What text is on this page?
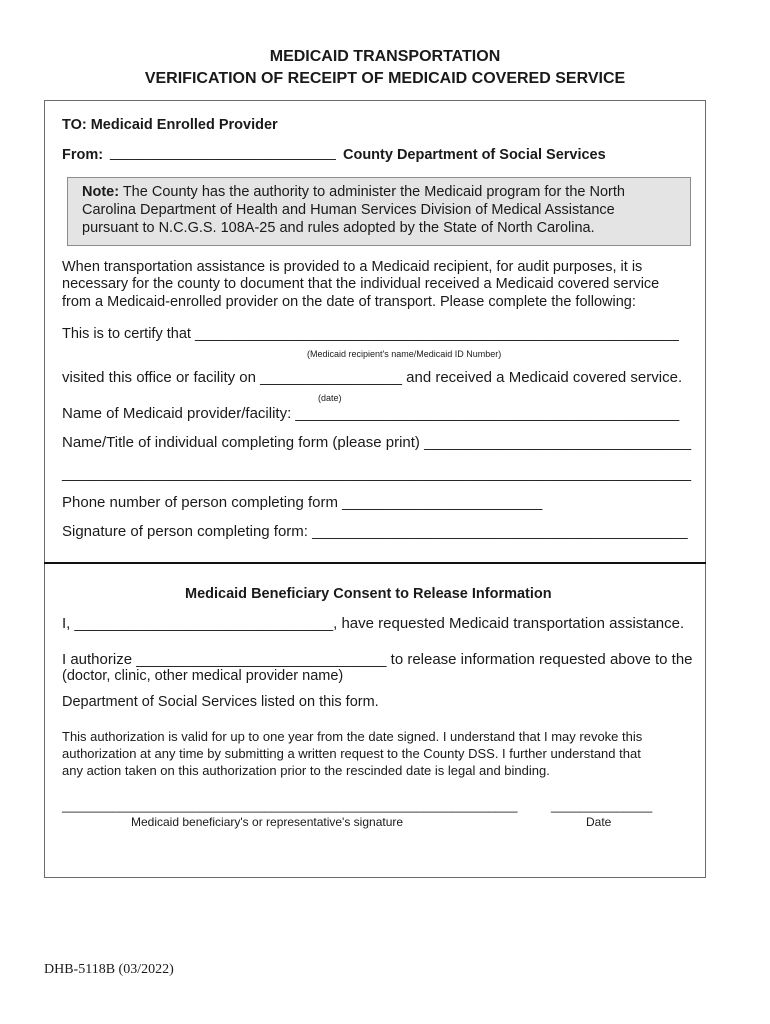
MEDICAID TRANSPORTATION
VERIFICATION OF RECEIPT OF MEDICAID COVERED SERVICE
TO: Medicaid Enrolled Provider
From: ____________________________ County Department of Social Services
Note: The County has the authority to administer the Medicaid program for the North
Carolina Department of Health and Human Services Division of Medical Assistance
pursuant to N.C.G.S. 108A-25 and rules adopted by the State of North Carolina.
When transportation assistance is provided to a Medicaid recipient, for audit purposes, it is
necessary for the county to document that the individual received a Medicaid covered service
from a Medicaid-enrolled provider on the date of transport. Please complete the following:
This is to certify that ____________________________________________________________
(Medicaid recipient's name/Medicaid ID Number)
visited this office or facility on _________________ and received a Medicaid covered service.
(date)
Name of Medicaid provider/facility: ______________________________________________
Name/Title of individual completing form (please print) ________________________________
______________________________________________________________________________
Phone number of person completing form ________________________
Signature of person completing form: _____________________________________________
Medicaid Beneficiary Consent to Release Information
I, _______________________________, have requested Medicaid transportation assistance.
I authorize ______________________________ to release information requested above to the
(doctor, clinic, other medical provider name)
Department of Social Services listed on this form.
This authorization is valid for up to one year from the date signed. I understand that I may revoke this
authorization at any time by submitting a written request to the County DSS. I further understand that
any action taken on this authorization prior to the rescinded date is legal and binding.
_______________________________________________________________	______________
Medicaid beneficiary's or representative's signature	Date
DHB-5118B (03/2022)
